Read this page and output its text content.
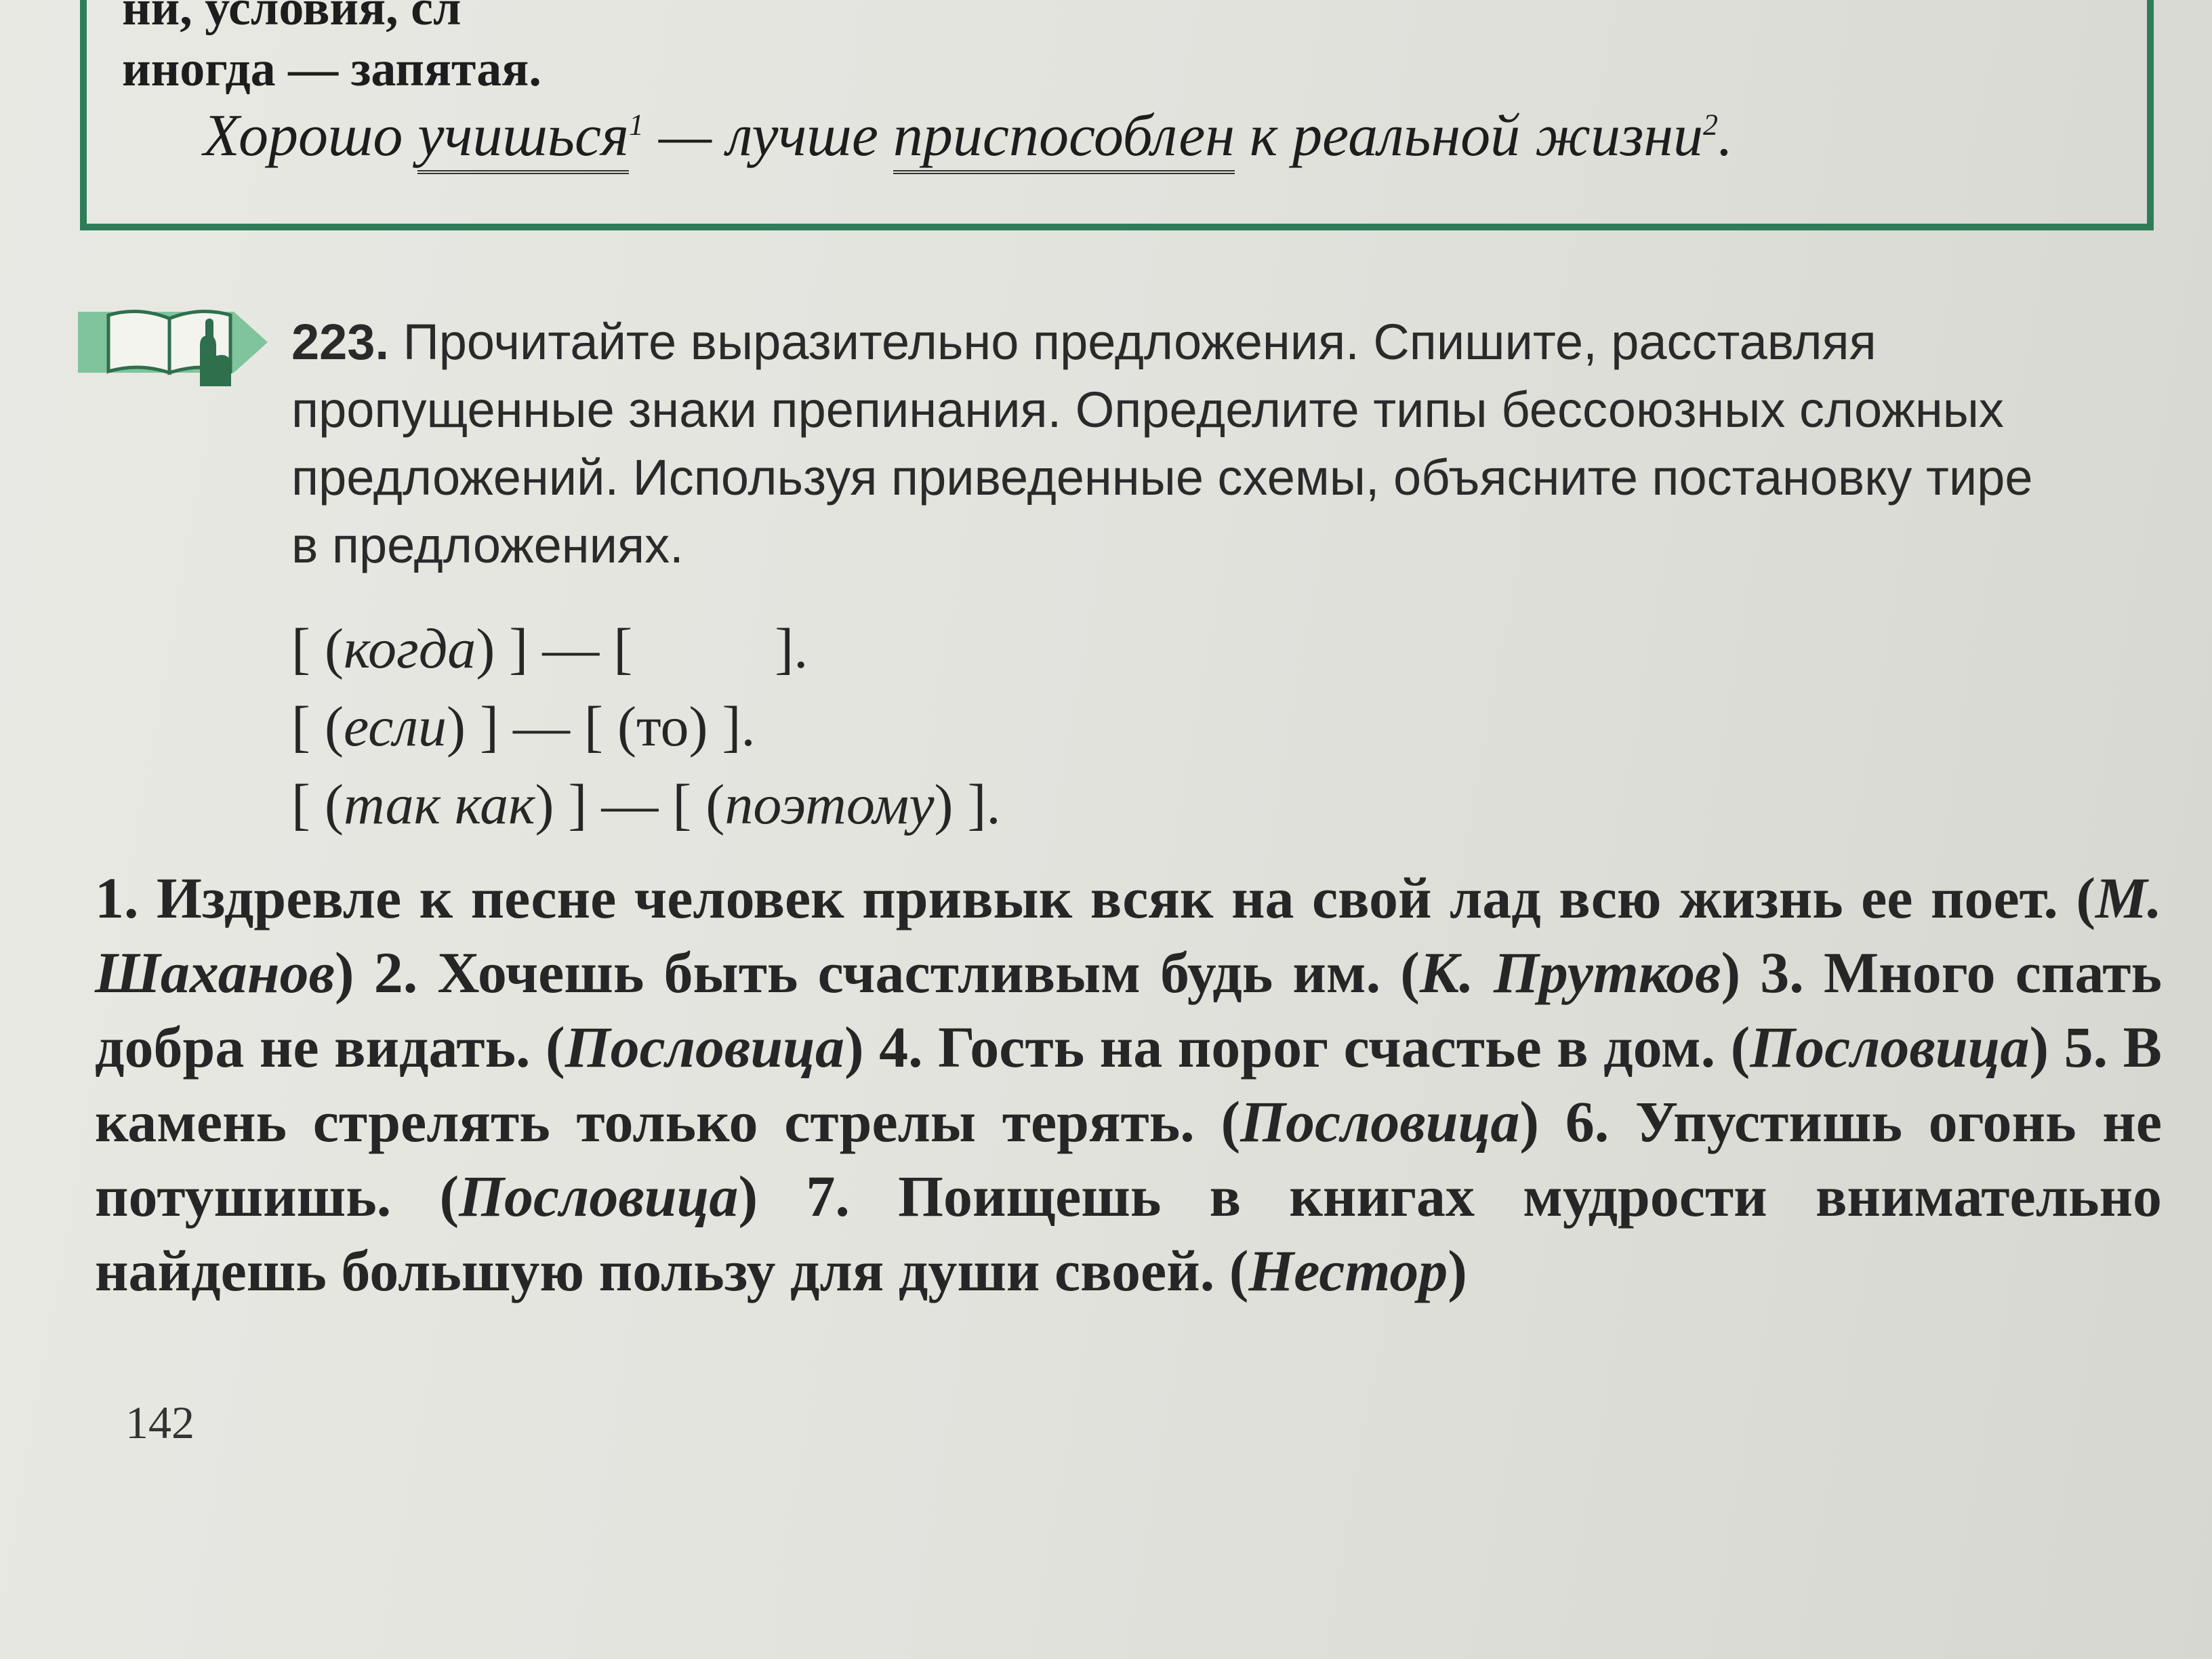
ни, условия, сл
иногда — запятая.
Хорошо учишься$^1$ — лучше приспособлен к реальной жизни$^2$.
223. Прочитайте выразительно предложения. Спишите, расставляя
пропущенные знаки препинания. Определите типы бессоюзных сложных
предложений. Используя приведенные схемы, объясните постановку тире
в предложениях.
[ (когда) ] — [          ].
[ (если) ] — [ (то) ].
[ (так как) ] — [ (поэтому) ].
1. Издревле к песне человек привык всяк на свой лад всю жизнь ее поет. (М. Шаханов) 2. Хочешь быть счастливым будь им. (К. Прутков) 3. Много спать добра не видать. (Пословица) 4. Гость на порог счастье в дом. (Пословица) 5. В камень стрелять только стрелы терять. (Пословица) 6. Упустишь огонь не потушишь. (Пословица) 7. Поищешь в книгах мудрости внимательно найдешь большую пользу для души своей. (Нестор)
142
